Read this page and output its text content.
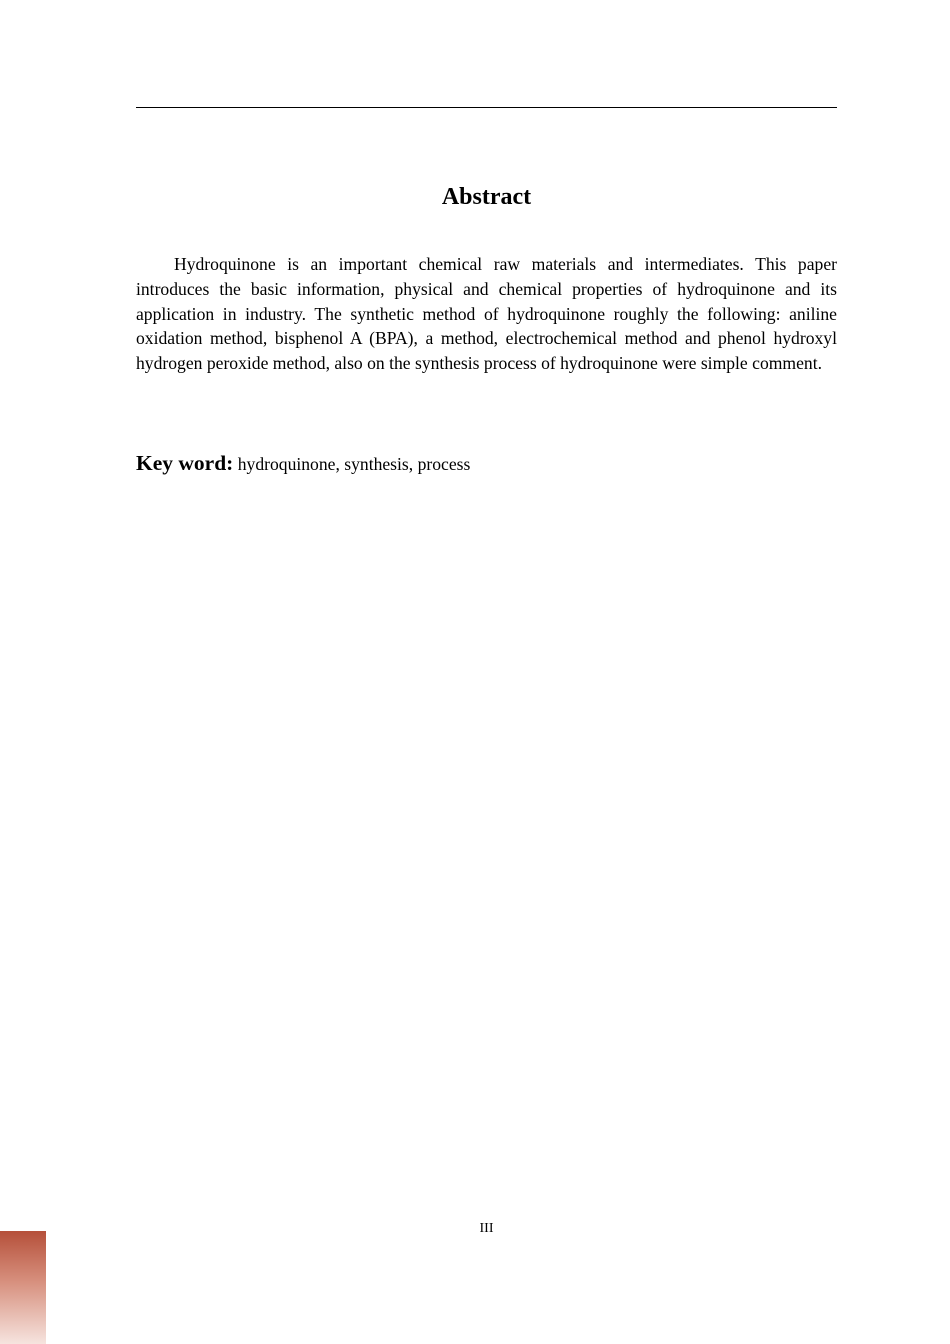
Abstract

Hydroquinone is an important chemical raw materials and intermediates. This paper introduces the basic information, physical and chemical properties of hydroquinone and its application in industry. The synthetic method of hydroquinone roughly the following: aniline oxidation method, bisphenol A (BPA), a method, electrochemical method and phenol hydroxyl hydrogen peroxide method, also on the synthesis process of hydroquinone were simple comment.

Key word: hydroquinone, synthesis, process

III
